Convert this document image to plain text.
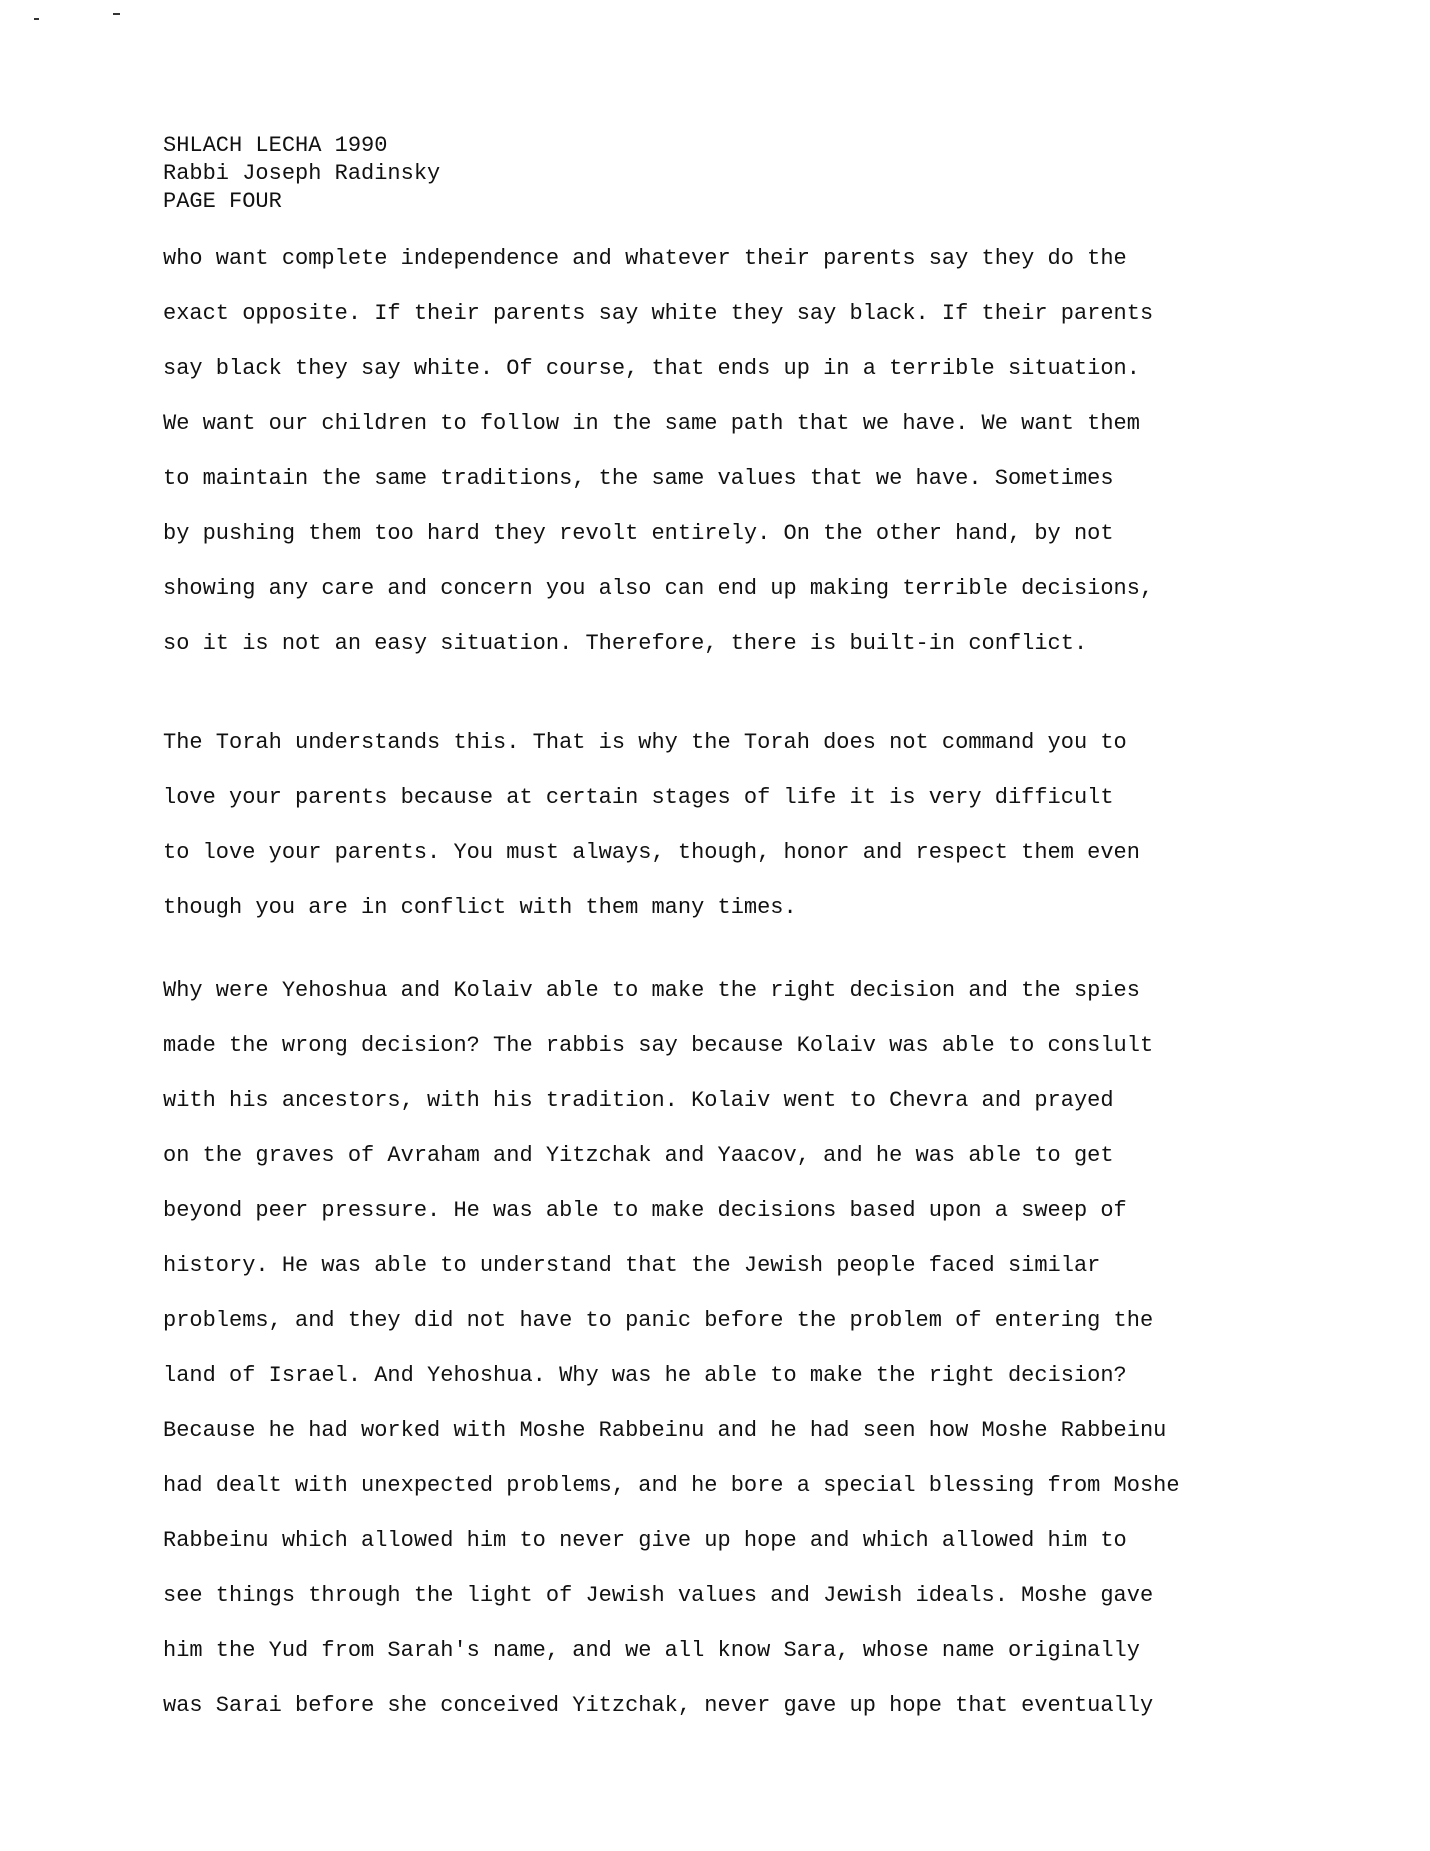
SHLACH LECHA 1990
Rabbi Joseph Radinsky
PAGE FOUR
who want complete independence and whatever their parents say they do the
exact opposite. If their parents say white they say black. If their parents
say black they say white. Of course, that ends up in a terrible situation.
We want our children to follow in the same path that we have. We want them
to maintain the same traditions, the same values that we have. Sometimes
by pushing them too hard they revolt entirely. On the other hand, by not
showing any care and concern you also can end up making terrible decisions,
so it is not an easy situation. Therefore, there is built-in conflict.
The Torah understands this. That is why the Torah does not command you to
love your parents because at certain stages of life it is very difficult
to love your parents. You must always, though, honor and respect them even
though you are in conflict with them many times.
Why were Yehoshua and Kolaiv able to make the right decision and the spies
made the wrong decision? The rabbis say because Kolaiv was able to conslult
with his ancestors, with his tradition. Kolaiv went to Chevra and prayed
on the graves of Avraham and Yitzchak and Yaacov, and he was able to get
beyond peer pressure. He was able to make decisions based upon a sweep of
history. He was able to understand that the Jewish people faced similar
problems, and they did not have to panic before the problem of entering the
land of Israel. And Yehoshua. Why was he able to make the right decision?
Because he had worked with Moshe Rabbeinu and he had seen how Moshe Rabbeinu
had dealt with unexpected problems, and he bore a special blessing from Moshe
Rabbeinu which allowed him to never give up hope and which allowed him to
see things through the light of Jewish values and Jewish ideals. Moshe gave
him the Yud from Sarah's name, and we all know Sara, whose name originally
was Sarai before she conceived Yitzchak, never gave up hope that eventually
